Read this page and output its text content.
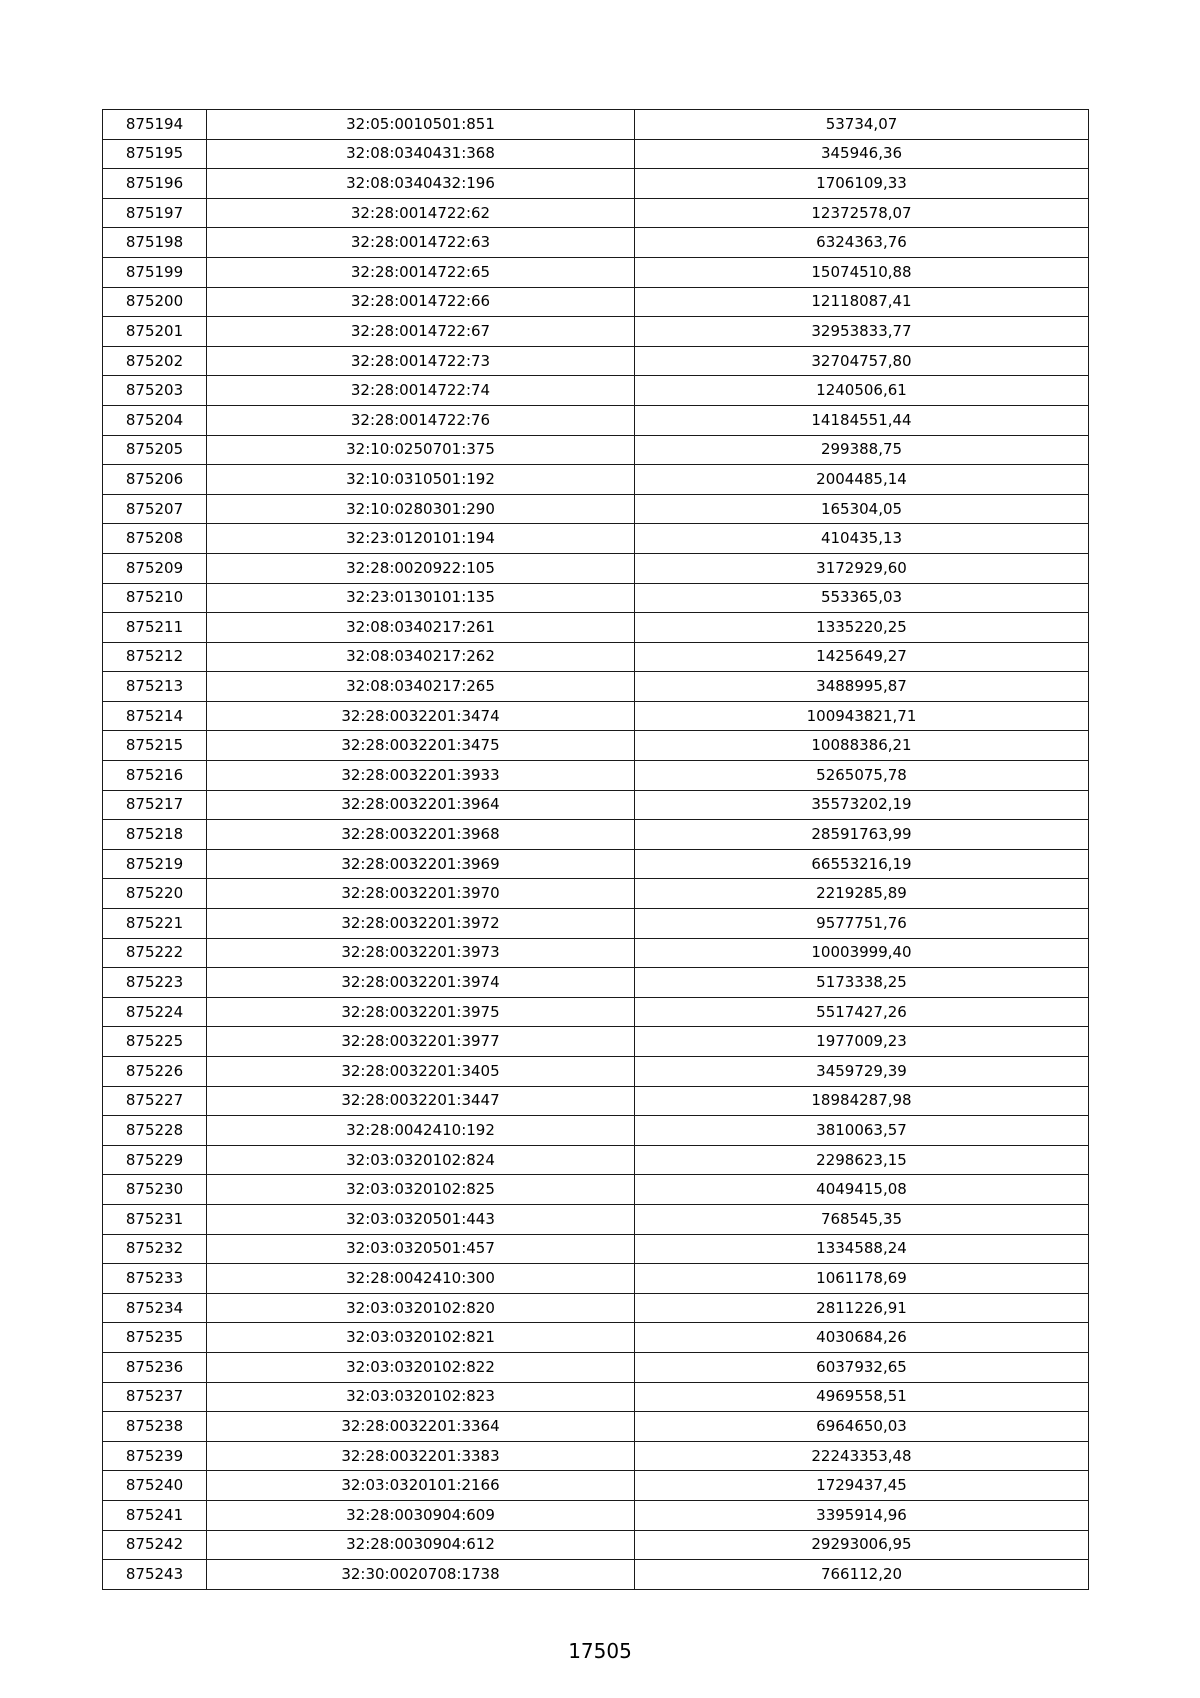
875194	32:05:0010501:851	53734,07
875195	32:08:0340431:368	345946,36
875196	32:08:0340432:196	1706109,33
875197	32:28:0014722:62	12372578,07
875198	32:28:0014722:63	6324363,76
875199	32:28:0014722:65	15074510,88
875200	32:28:0014722:66	12118087,41
875201	32:28:0014722:67	32953833,77
875202	32:28:0014722:73	32704757,80
875203	32:28:0014722:74	1240506,61
875204	32:28:0014722:76	14184551,44
875205	32:10:0250701:375	299388,75
875206	32:10:0310501:192	2004485,14
875207	32:10:0280301:290	165304,05
875208	32:23:0120101:194	410435,13
875209	32:28:0020922:105	3172929,60
875210	32:23:0130101:135	553365,03
875211	32:08:0340217:261	1335220,25
875212	32:08:0340217:262	1425649,27
875213	32:08:0340217:265	3488995,87
875214	32:28:0032201:3474	100943821,71
875215	32:28:0032201:3475	10088386,21
875216	32:28:0032201:3933	5265075,78
875217	32:28:0032201:3964	35573202,19
875218	32:28:0032201:3968	28591763,99
875219	32:28:0032201:3969	66553216,19
875220	32:28:0032201:3970	2219285,89
875221	32:28:0032201:3972	9577751,76
875222	32:28:0032201:3973	10003999,40
875223	32:28:0032201:3974	5173338,25
875224	32:28:0032201:3975	5517427,26
875225	32:28:0032201:3977	1977009,23
875226	32:28:0032201:3405	3459729,39
875227	32:28:0032201:3447	18984287,98
875228	32:28:0042410:192	3810063,57
875229	32:03:0320102:824	2298623,15
875230	32:03:0320102:825	4049415,08
875231	32:03:0320501:443	768545,35
875232	32:03:0320501:457	1334588,24
875233	32:28:0042410:300	1061178,69
875234	32:03:0320102:820	2811226,91
875235	32:03:0320102:821	4030684,26
875236	32:03:0320102:822	6037932,65
875237	32:03:0320102:823	4969558,51
875238	32:28:0032201:3364	6964650,03
875239	32:28:0032201:3383	22243353,48
875240	32:03:0320101:2166	1729437,45
875241	32:28:0030904:609	3395914,96
875242	32:28:0030904:612	29293006,95
875243	32:30:0020708:1738	766112,20
17505
